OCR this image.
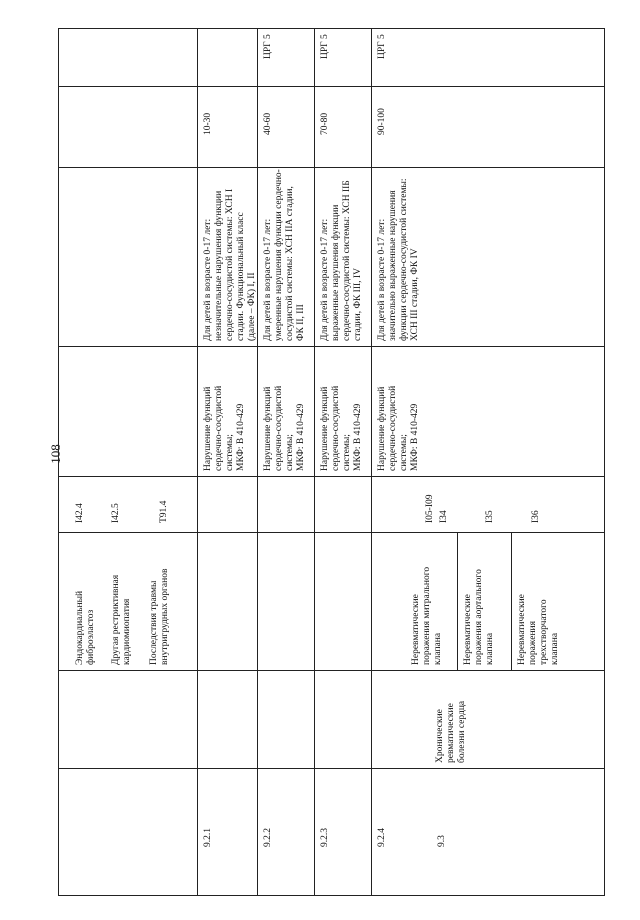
108
Эндокардиальный
фиброэластоз
I42.4
Другая рестриктивная
кардиомиопатия
I42.5
Последствия травмы
внутригрудных органов
T91.4
9.2.1
Нарушение функций
сердечно-сосудистой
системы;
МКФ: В 410-429
Для детей в возрасте 0-17 лет:
незначительные нарушения функции
сердечно-сосудистой системы: ХСН I
стадии. Функциональный класс
(далее – ФК) I, II
10-30
9.2.2
Нарушение функций
сердечно-сосудистой
системы;
МКФ: В 410-429
Для детей в возрасте 0-17 лет:
умеренные нарушения функции сердечно-
сосудистой системы: ХСН IIА стадии,
ФК II, III
40-60
ЦРГ 5
9.2.3
Нарушение функций
сердечно-сосудистой
системы;
МКФ: В 410-429
Для детей в возрасте 0-17 лет:
выраженные нарушения функции
сердечно-сосудистой системы: ХСН IIБ
стадии, ФК III, IV
70-80
ЦРГ 5
9.2.4
Нарушение функций
сердечно-сосудистой
системы;
МКФ: В 410-429
Для детей в возрасте 0-17 лет:
значительно выраженные нарушения
функции сердечно-сосудистой системы:
ХСН III стадии, ФК IV
90-100
ЦРГ 5
9.3
Хронические
ревматические
болезни сердца
I05-I09
Неревматические
поражения митрального
клапана
I34
Неревматические
поражения аортального
клапана
I35
Неревматические
поражения
трехстворчатого
клапана
I36
